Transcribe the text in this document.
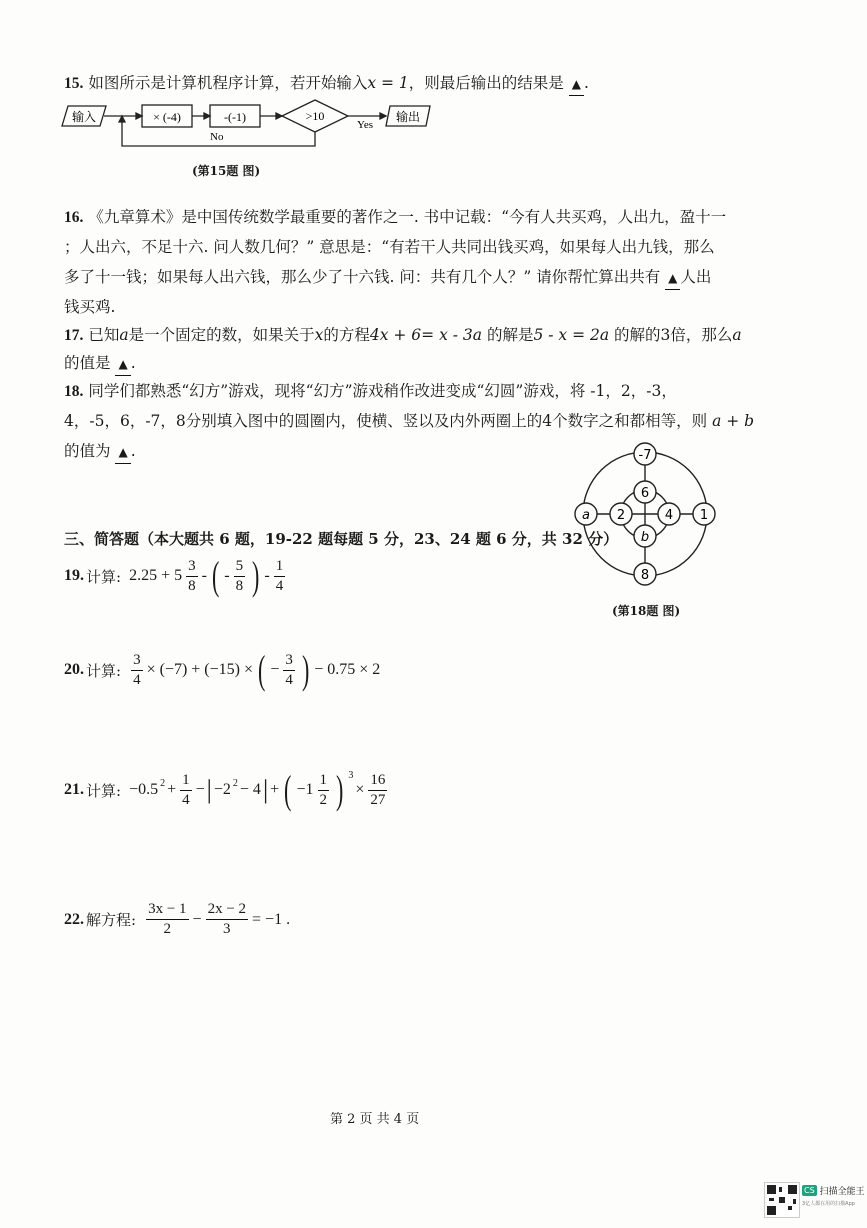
15. 如图所示是计算机程序计算，若开始输入x = 1，则最后输出的结果是 ▲ .
输入	× (-4)	-(-1)	>10
Yes
No
输出
(第15题 图)
16. 《九章算术》是中国传统数学最重要的著作之一. 书中记载：“今有人共买鸡，人出九，盈十一
；人出六，不足十六. 问人数几何？” 意思是：“有若干人共同出钱买鸡，如果每人出九钱，那么
多了十一钱；如果每人出六钱，那么少了十六钱. 问：共有几个人？” 请你帮忙算出共有 ▲ 人出
钱买鸡.
17. 已知a是一个固定的数，如果关于x的方程4x + 6= x - 3a 的解是5 - x = 2a 的解的3倍，那么a
的值是 ▲ .
18. 同学们都熟悉“幻方”游戏，现将“幻方”游戏稍作改进变成“幻圆”游戏，将 -1，2，-3，
4，-5，6，-7，8分别填入图中的圆圈内，使横、竖以及内外两圈上的4个数字之和都相等，则 a + b
的值为 ▲ .	-7
6
a 2	4 1
b
8
(第18题 图)
三、简答题（本大题共 6 题，19-22 题每题 5 分，23、24 题 6 分，共 32 分）
19. 计算: $2.25 + 5 \frac{3}{8}$ - ( - $\frac{5}{8}$ ) - $\frac{1}{4}$
20. 计算: $\frac{3}{4} \times (-7) + (-15)$ × ( − $\frac{3}{4}$ ) − 0.75 × 2
21. 计算: $-0.5^2 + \frac{1}{4}$ − | $-2^2 - 4$ | + ( $-1 \frac{1}{2}$ ) $^3$
× $\frac{16}{27}$
22. 解方程: $\frac{3x - 1}{2} - \frac{2x - 2}{3} = -1$ .
第 2 页 共 4 页
CS 扫描全能王
3亿人都在用的扫描App
